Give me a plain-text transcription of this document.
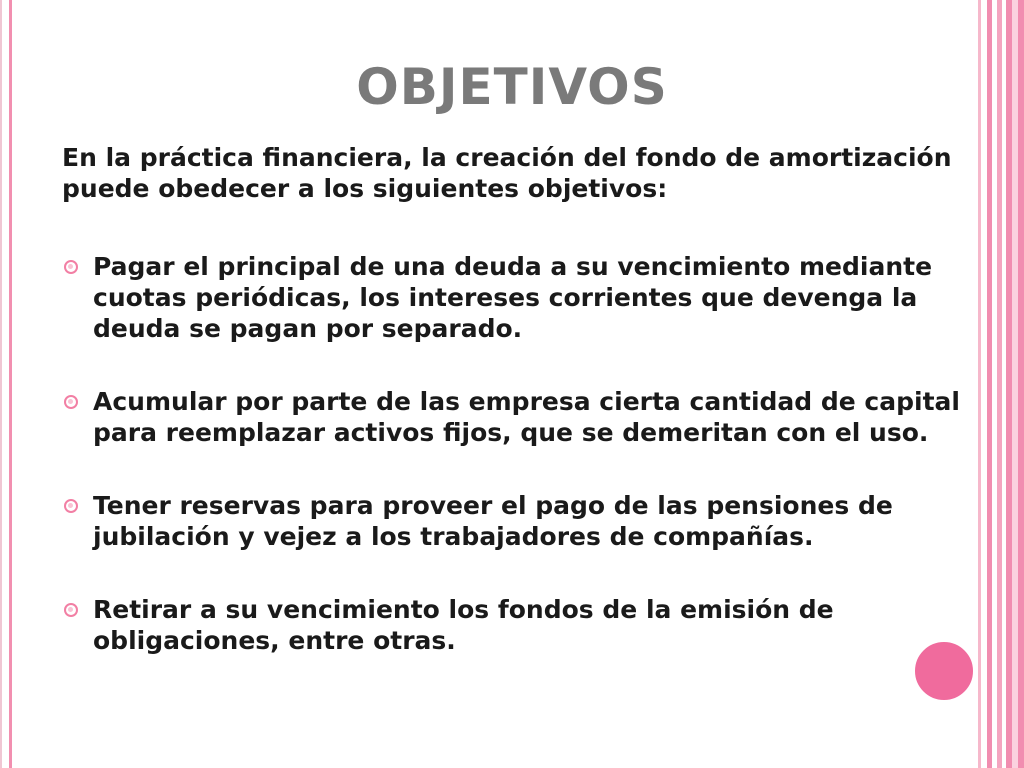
OBJETIVOS

En la práctica financiera, la creación del fondo de amortización puede obedecer a los siguientes objetivos:

Pagar el principal de una deuda a su vencimiento mediante cuotas periódicas, los intereses corrientes que devenga la deuda se pagan por separado.
Acumular por parte de las empresa cierta cantidad de capital para reemplazar activos fijos, que se demeritan con el uso.
Tener reservas para proveer el pago de las pensiones de jubilación y vejez a los trabajadores de compañías.
Retirar a su vencimiento los fondos de la emisión de obligaciones, entre otras.
